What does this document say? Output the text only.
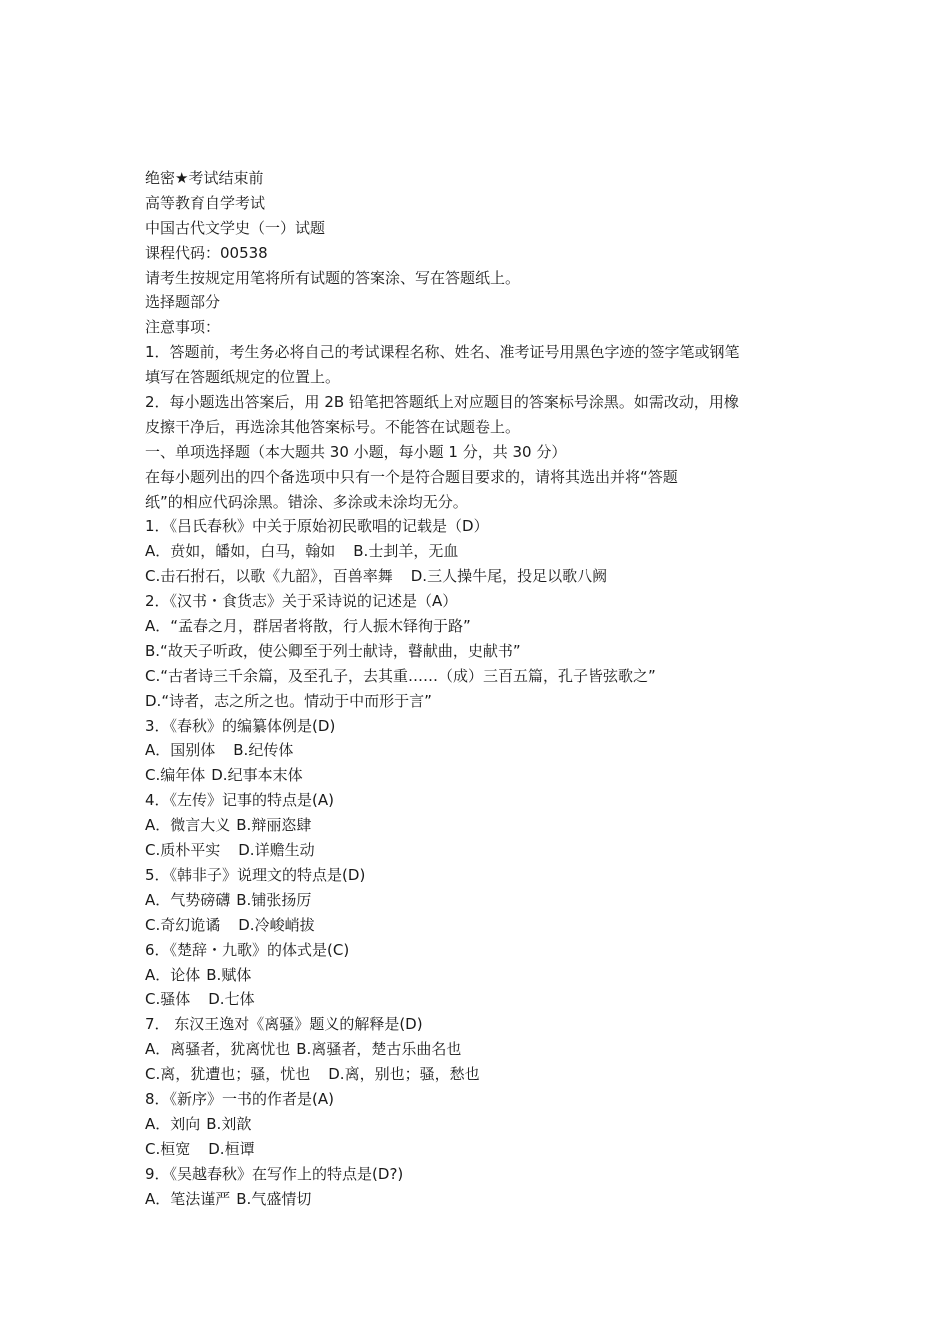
绝密★考试结束前
高等教育自学考试
中国古代文学史（一）试题
课程代码：00538
请考生按规定用笔将所有试题的答案涂、写在答题纸上。
选择题部分
注意事项：
1．答题前，考生务必将自己的考试课程名称、姓名、准考证号用黑色字迹的签字笔或钢笔
填写在答题纸规定的位置上。
2．每小题选出答案后，用 2B 铅笔把答题纸上对应题目的答案标号涂黑。如需改动，用橡
皮擦干净后，再选涂其他答案标号。不能答在试题卷上。
一、单项选择题（本大题共 30 小题，每小题 1 分，共 30 分）
在每小题列出的四个备选项中只有一个是符合题目要求的，请将其选出并将“答题
纸”的相应代码涂黑。错涂、多涂或未涂均无分。
1．《吕氏春秋》中关于原始初民歌唱的记载是（D）
A．贲如，皤如，白马，翰如 B.士刲羊，无血
C.击石拊石，以歌《九韶》，百兽率舞 D.三人操牛尾，投足以歌八阙
2．《汉书・食货志》关于采诗说的记述是（A）
A．“孟春之月，群居者将散，行人振木铎徇于路”
B.“故天子听政，使公卿至于列士献诗，瞽献曲，史献书”
C.“古者诗三千余篇，及至孔子，去其重……（成）三百五篇，孔子皆弦歌之”
D.“诗者，志之所之也。情动于中而形于言”
3．《春秋》的编纂体例是(D)
A．国别体 B.纪传体
C.编年体 D.纪事本末体
4．《左传》记事的特点是(A)
A．微言大义 B.辩丽恣肆
C.质朴平实 D.详赡生动
5．《韩非子》说理文的特点是(D)
A．气势磅礴 B.铺张扬厉
C.奇幻诡谲 D.冷峻峭拔
6．《楚辞・九歌》的体式是(C)
A．论体 B.赋体
C.骚体 D.七体
7． 东汉王逸对《离骚》题义的解释是(D)
A．离骚者，犹离忧也 B.离骚者，楚古乐曲名也
C.离，犹遭也；骚，忧也 D.离，别也；骚，愁也
8．《新序》一书的作者是(A)
A．刘向 B.刘歆
C.桓宽 D.桓谭
9．《吴越春秋》在写作上的特点是(D?)
A．笔法谨严 B.气盛情切
